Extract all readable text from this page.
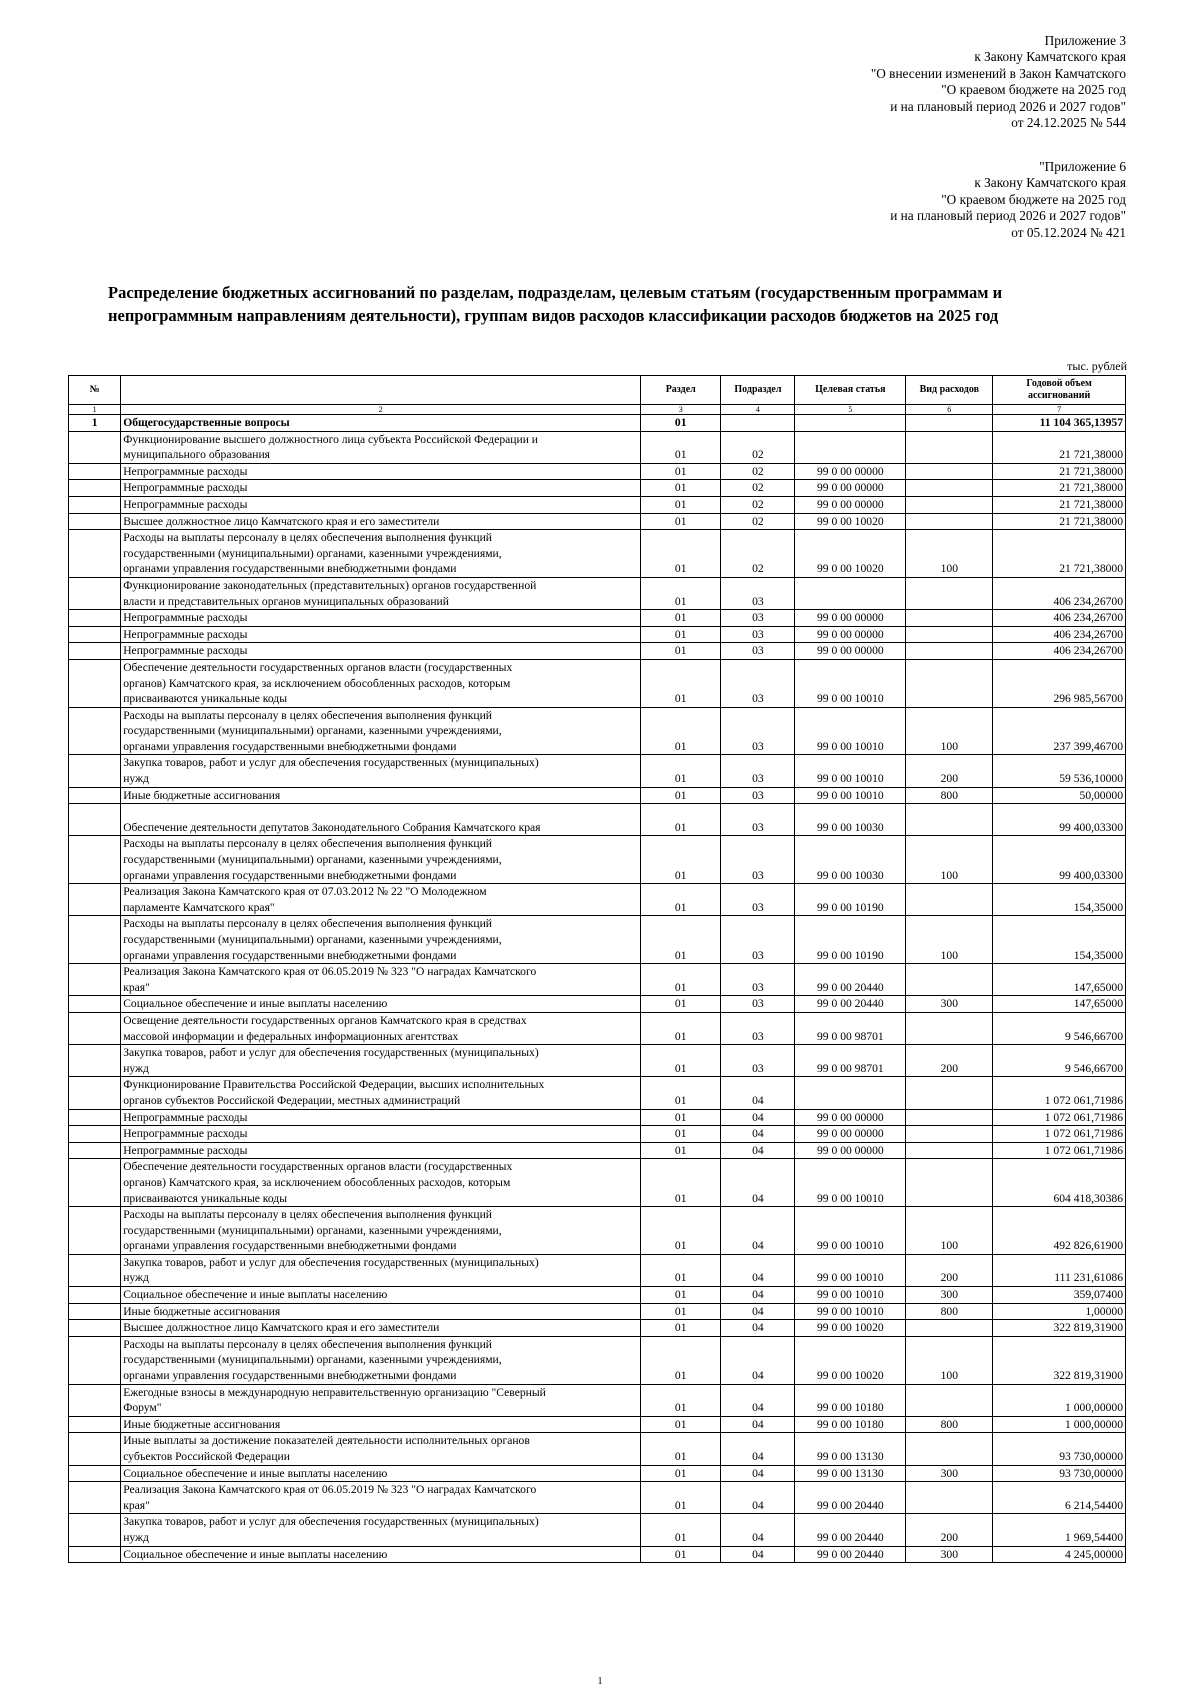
Приложение 3
к Закону Камчатского края
"О внесении изменений в Закон Камчатского
"О краевом бюджете на 2025 год
и на плановый период 2026 и 2027 годов"
от 24.12.2025 № 544
"Приложение 6
к Закону Камчатского края
"О краевом бюджете на 2025 год
и на плановый период 2026 и 2027 годов"
от 05.12.2024 № 421
Распределение бюджетных ассигнований по разделам, подразделам, целевым статьям (государственным программам и непрограммным направлениям деятельности), группам видов расходов классификации расходов бюджетов на 2025 год
тыс. рублей
№		Раздел	Подраздел	Целевая статья	Вид расходов	Годовой объем ассигнований
1	2	3	4	5	6	7
1	Общегосударственные вопросы	01				11 104 365,13957

	Функционирование высшего должностного лица субъекта Российской Федерации и
муниципального образования	01	02			21 721,38000

	Непрограммные расходы	01	02	99 0 00 00000		21 721,38000

	Непрограммные расходы	01	02	99 0 00 00000		21 721,38000

	Непрограммные расходы	01	02	99 0 00 00000		21 721,38000

	Высшее должностное лицо Камчатского края и его заместители	01	02	99 0 00 10020		21 721,38000

	Расходы на выплаты персоналу в целях обеспечения выполнения функций
государственными (муниципальными) органами, казенными учреждениями,
органами управления государственными внебюджетными фондами	01	02	99 0 00 10020	100	21 721,38000

	Функционирование законодательных (представительных) органов государственной
власти и представительных органов муниципальных образований	01	03			406 234,26700

	Непрограммные расходы	01	03	99 0 00 00000		406 234,26700

	Непрограммные расходы	01	03	99 0 00 00000		406 234,26700

	Непрограммные расходы	01	03	99 0 00 00000		406 234,26700

	Обеспечение деятельности государственных органов власти (государственных
органов) Камчатского края, за исключением обособленных расходов, которым
присваиваются уникальные коды	01	03	99 0 00 10010		296 985,56700

	Расходы на выплаты персоналу в целях обеспечения выполнения функций
государственными (муниципальными) органами, казенными учреждениями,
органами управления государственными внебюджетными фондами	01	03	99 0 00 10010	100	237 399,46700

	Закупка товаров, работ и услуг для обеспечения государственных (муниципальных)
нужд	01	03	99 0 00 10010	200	59 536,10000

	Иные бюджетные ассигнования	01	03	99 0 00 10010	800	50,00000

	Обеспечение деятельности депутатов Законодательного Собрания Камчатского края	01	03	99 0 00 10030		99 400,03300

	Расходы на выплаты персоналу в целях обеспечения выполнения функций
государственными (муниципальными) органами, казенными учреждениями,
органами управления государственными внебюджетными фондами	01	03	99 0 00 10030	100	99 400,03300

	Реализация Закона Камчатского края от 07.03.2012 № 22 "О Молодежном
парламенте Камчатского края"	01	03	99 0 00 10190		154,35000

	Расходы на выплаты персоналу в целях обеспечения выполнения функций
государственными (муниципальными) органами, казенными учреждениями,
органами управления государственными внебюджетными фондами	01	03	99 0 00 10190	100	154,35000

	Реализация Закона Камчатского края от 06.05.2019 № 323 "О наградах Камчатского
края"	01	03	99 0 00 20440		147,65000

	Социальное обеспечение и иные выплаты населению	01	03	99 0 00 20440	300	147,65000

	Освещение деятельности государственных органов Камчатского края в средствах
массовой информации и федеральных информационных агентствах	01	03	99 0 00 98701		9 546,66700

	Закупка товаров, работ и услуг для обеспечения государственных (муниципальных)
нужд	01	03	99 0 00 98701	200	9 546,66700

	Функционирование Правительства Российской Федерации, высших исполнительных
органов субъектов Российской Федерации, местных администраций	01	04			1 072 061,71986

	Непрограммные расходы	01	04	99 0 00 00000		1 072 061,71986

	Непрограммные расходы	01	04	99 0 00 00000		1 072 061,71986

	Непрограммные расходы	01	04	99 0 00 00000		1 072 061,71986

	Обеспечение деятельности государственных органов власти (государственных
органов) Камчатского края, за исключением обособленных расходов, которым
присваиваются уникальные коды	01	04	99 0 00 10010		604 418,30386

	Расходы на выплаты персоналу в целях обеспечения выполнения функций
государственными (муниципальными) органами, казенными учреждениями,
органами управления государственными внебюджетными фондами	01	04	99 0 00 10010	100	492 826,61900

	Закупка товаров, работ и услуг для обеспечения государственных (муниципальных)
нужд	01	04	99 0 00 10010	200	111 231,61086

	Социальное обеспечение и иные выплаты населению	01	04	99 0 00 10010	300	359,07400

	Иные бюджетные ассигнования	01	04	99 0 00 10010	800	1,00000

	Высшее должностное лицо Камчатского края и его заместители	01	04	99 0 00 10020		322 819,31900

	Расходы на выплаты персоналу в целях обеспечения выполнения функций
государственными (муниципальными) органами, казенными учреждениями,
органами управления государственными внебюджетными фондами	01	04	99 0 00 10020	100	322 819,31900

	Ежегодные взносы в международную неправительственную организацию "Северный
Форум"	01	04	99 0 00 10180		1 000,00000

	Иные бюджетные ассигнования	01	04	99 0 00 10180	800	1 000,00000

	Иные выплаты за достижение показателей деятельности исполнительных органов
субъектов Российской Федерации	01	04	99 0 00 13130		93 730,00000

	Социальное обеспечение и иные выплаты населению	01	04	99 0 00 13130	300	93 730,00000

	Реализация Закона Камчатского края от 06.05.2019 № 323 "О наградах Камчатского
края"	01	04	99 0 00 20440		6 214,54400

	Закупка товаров, работ и услуг для обеспечения государственных (муниципальных)
нужд	01	04	99 0 00 20440	200	1 969,54400

	Социальное обеспечение и иные выплаты населению	01	04	99 0 00 20440	300	4 245,00000
1
